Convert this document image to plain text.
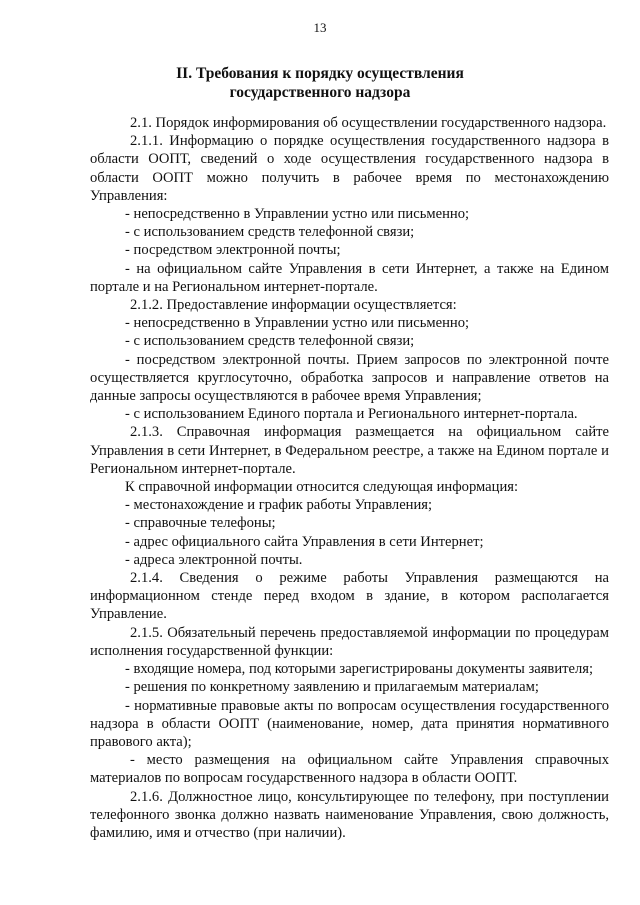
13
II. Требования к порядку осуществления
государственного надзора

2.1. Порядок информирования об осуществлении государственного надзора.

2.1.1. Информацию о порядке осуществления государственного надзора в области ООПТ, сведений о ходе осуществления государственного надзора в области ООПТ можно получить в рабочее время по местонахождению Управления:

- непосредственно в Управлении устно или письменно;

- с использованием средств телефонной связи;

- посредством электронной почты;

- на официальном сайте Управления в сети Интернет, а также на Едином портале и на Региональном интернет-портале.

2.1.2. Предоставление информации осуществляется:

- непосредственно в Управлении устно или письменно;

- с использованием средств телефонной связи;

- посредством электронной почты. Прием запросов по электронной почте осуществляется круглосуточно, обработка запросов и направление ответов на данные запросы осуществляются в рабочее время Управления;

- с использованием Единого портала и Регионального интернет-портала.

2.1.3. Справочная информация размещается на официальном сайте Управления в сети Интернет, в Федеральном реестре, а также на Едином портале и Региональном интернет-портале.

К справочной информации относится следующая информация:

- местонахождение и график работы Управления;

- справочные телефоны;

- адрес официального сайта Управления в сети Интернет;

- адреса электронной почты.

2.1.4. Сведения о режиме работы Управления размещаются на информационном стенде перед входом в здание, в котором располагается Управление.

2.1.5. Обязательный перечень предоставляемой информации по процедурам исполнения государственной функции:

- входящие номера, под которыми зарегистрированы документы заявителя;

- решения по конкретному заявлению и прилагаемым материалам;

- нормативные правовые акты по вопросам осуществления государственного надзора в области ООПТ (наименование, номер, дата принятия нормативного правового акта);

- место размещения на официальном сайте Управления справочных материалов по вопросам государственного надзора в области ООПТ.

2.1.6. Должностное лицо, консультирующее по телефону, при поступлении телефонного звонка должно назвать наименование Управления, свою должность, фамилию, имя и отчество (при наличии).
